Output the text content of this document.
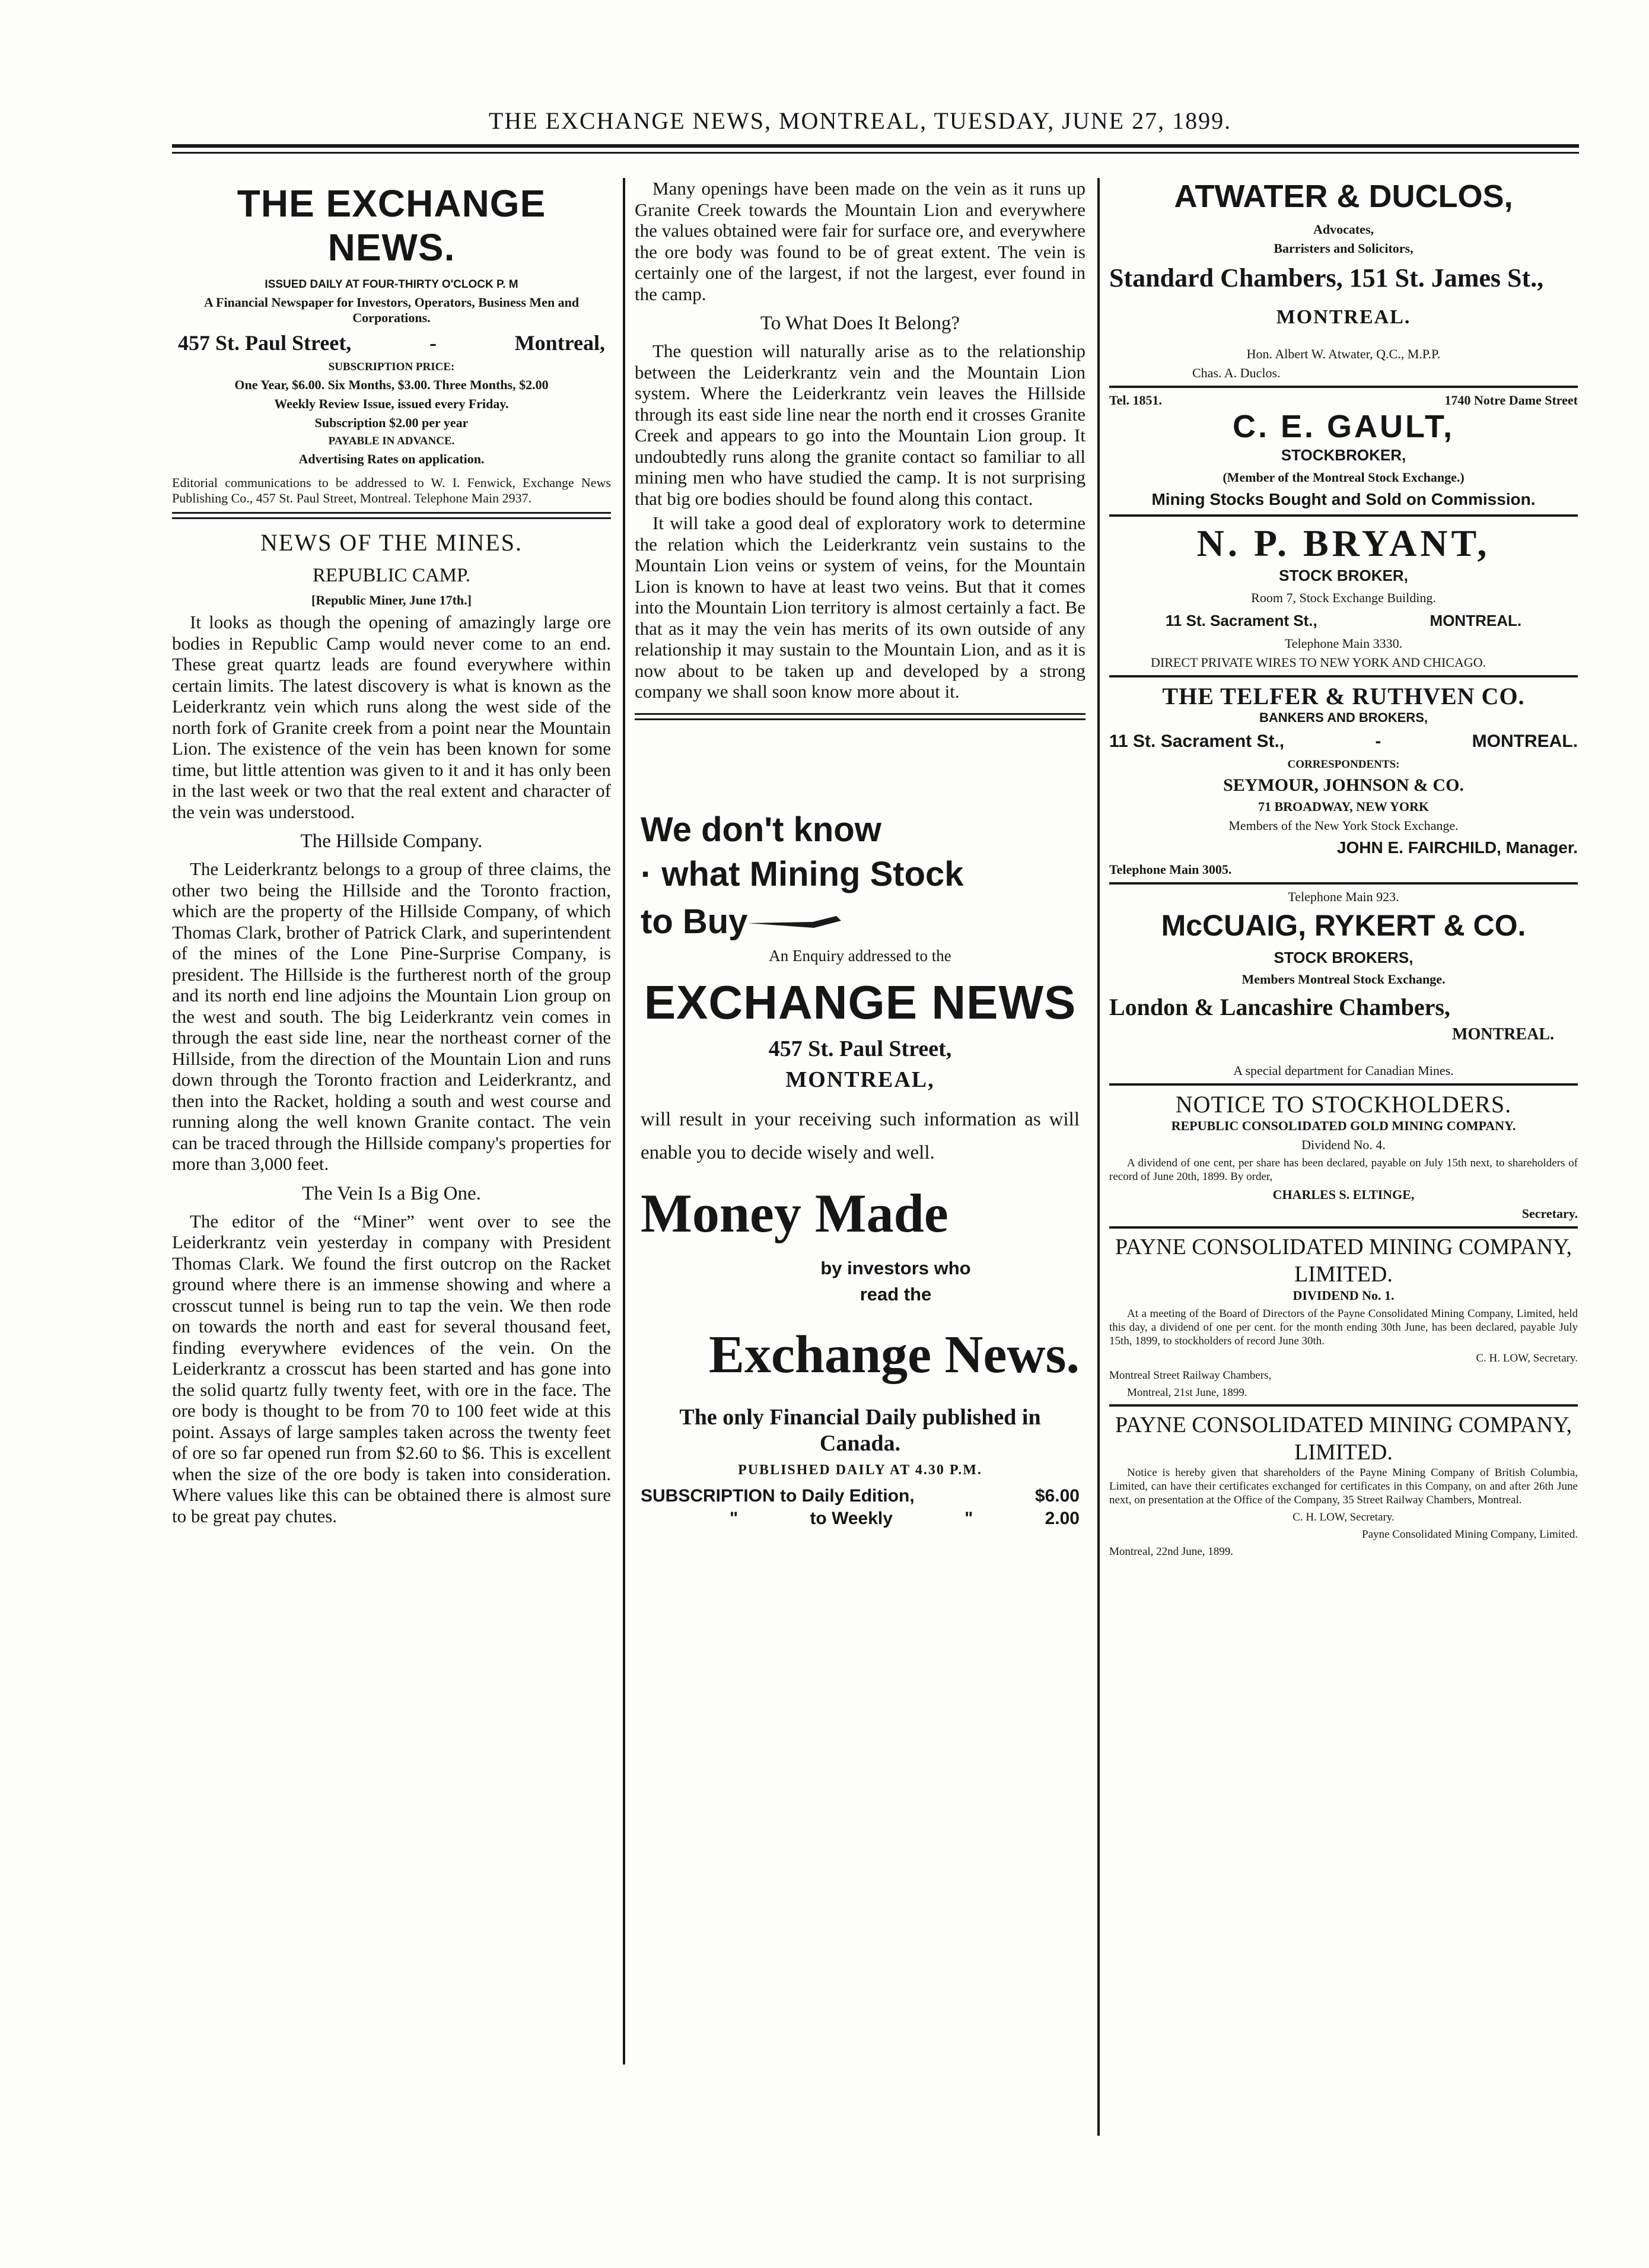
THE EXCHANGE NEWS, MONTREAL, TUESDAY, JUNE 27, 1899.
THE EXCHANGE NEWS.

ISSUED DAILY AT FOUR-THIRTY O'CLOCK P. M

A Financial Newspaper for Investors, Operators, Business Men and Corporations.

457 St. Paul Street,	-	Montreal,

SUBSCRIPTION PRICE:

One Year, $6.00. Six Months, $3.00. Three Months, $2.00

Weekly Review Issue, issued every Friday.

Subscription $2.00 per year

PAYABLE IN ADVANCE.

Advertising Rates on application.

Editorial communications to be addressed to W. I. Fenwick, Exchange News Publishing Co., 457 St. Paul Street, Montreal. Telephone Main 2937.

NEWS OF THE MINES.
REPUBLIC CAMP.

[Republic Miner, June 17th.]

It looks as though the opening of amazingly large ore bodies in Republic Camp would never come to an end. These great quartz leads are found everywhere within certain limits. The latest discovery is what is known as the Leiderkrantz vein which runs along the west side of the north fork of Granite creek from a point near the Mountain Lion. The existence of the vein has been known for some time, but little attention was given to it and it has only been in the last week or two that the real extent and character of the vein was understood.

The Hillside Company.

The Leiderkrantz belongs to a group of three claims, the other two being the Hillside and the Toronto fraction, which are the property of the Hillside Company, of which Thomas Clark, brother of Patrick Clark, and superintendent of the mines of the Lone Pine-Surprise Company, is president. The Hillside is the furtherest north of the group and its north end line adjoins the Mountain Lion group on the west and south. The big Leiderkrantz vein comes in through the east side line, near the northeast corner of the Hillside, from the direction of the Mountain Lion and runs down through the Toronto fraction and Leiderkrantz, and then into the Racket, holding a south and west course and running along the well known Granite contact. The vein can be traced through the Hillside company's properties for more than 3,000 feet.

The Vein Is a Big One.

The editor of the “Miner” went over to see the Leiderkrantz vein yesterday in company with President Thomas Clark. We found the first outcrop on the Racket ground where there is an immense showing and where a crosscut tunnel is being run to tap the vein. We then rode on towards the north and east for several thousand feet, finding everywhere evidences of the vein. On the Leiderkrantz a crosscut has been started and has gone into the solid quartz fully twenty feet, with ore in the face. The ore body is thought to be from 70 to 100 feet wide at this point. Assays of large samples taken across the twenty feet of ore so far opened run from $2.60 to $6. This is excellent when the size of the ore body is taken into consideration. Where values like this can be obtained there is almost sure to be great pay chutes.

Many openings have been made on the vein as it runs up Granite Creek towards the Mountain Lion and everywhere the values obtained were fair for surface ore, and everywhere the ore body was found to be of great extent. The vein is certainly one of the largest, if not the largest, ever found in the camp.

To What Does It Belong?

The question will naturally arise as to the relationship between the Leiderkrantz vein and the Mountain Lion system. Where the Leiderkrantz vein leaves the Hillside through its east side line near the north end it crosses Granite Creek and appears to go into the Mountain Lion group. It undoubtedly runs along the granite contact so familiar to all mining men who have studied the camp. It is not surprising that big ore bodies should be found along this contact.

It will take a good deal of exploratory work to determine the relation which the Leiderkrantz vein sustains to the Mountain Lion veins or system of veins, for the Mountain Lion is known to have at least two veins. But that it comes into the Mountain Lion territory is almost certainly a fact. Be that as it may the vein has merits of its own outside of any relationship it may sustain to the Mountain Lion, and as it is now about to be taken up and developed by a strong company we shall soon know more about it.

We don't know
· what Mining Stock
to Buy

An Enquiry addressed to the

EXCHANGE NEWS

457 St. Paul Street,

MONTREAL,

will result in your receiving such information as will enable you to decide wisely and well.

Money Made

by investors who

read the

Exchange News.

The only Financial Daily published in Canada.

PUBLISHED DAILY AT 4.30 P.M.

SUBSCRIPTION to Daily Edition,	$6.00
"	to Weekly	"	2.00
ATWATER & DUCLOS,

Advocates,

Barristers and Solicitors,

Standard Chambers, 151 St. James St.,
MONTREAL.

Hon. Albert W. Atwater, Q.C., M.P.P.

Chas. A. Duclos.

Tel. 1851.	1740 Notre Dame Street
C. E. GAULT,

STOCKBROKER,

(Member of the Montreal Stock Exchange.)

Mining Stocks Bought and Sold on Commission.

N. P. BRYANT,

STOCK BROKER,

Room 7, Stock Exchange Building.

11 St. Sacrament St.,	MONTREAL.

Telephone Main 3330.

DIRECT PRIVATE WIRES TO NEW YORK AND CHICAGO.

THE TELFER & RUTHVEN CO.

BANKERS AND BROKERS,

11 St. Sacrament St.,	-	MONTREAL.

CORRESPONDENTS:

SEYMOUR, JOHNSON & CO.

71 BROADWAY, NEW YORK

Members of the New York Stock Exchange.

JOHN E. FAIRCHILD, Manager.

Telephone Main 3005.

Telephone Main 923.

McCUAIG, RYKERT & CO.

STOCK BROKERS,

Members Montreal Stock Exchange.

London & Lancashire Chambers,

MONTREAL.

A special department for Canadian Mines.

NOTICE TO STOCKHOLDERS.

REPUBLIC CONSOLIDATED GOLD MINING COMPANY.

Dividend No. 4.

A dividend of one cent, per share has been declared, payable on July 15th next, to shareholders of record of June 20th, 1899. By order,

CHARLES S. ELTINGE,

Secretary.

PAYNE CONSOLIDATED MINING COMPANY, LIMITED.

DIVIDEND No. 1.

At a meeting of the Board of Directors of the Payne Consolidated Mining Company, Limited, held this day, a dividend of one per cent. for the month ending 30th June, has been declared, payable July 15th, 1899, to stockholders of record June 30th.

C. H. LOW, Secretary.

Montreal Street Railway Chambers,

Montreal, 21st June, 1899.

PAYNE CONSOLIDATED MINING COMPANY, LIMITED.

Notice is hereby given that shareholders of the Payne Mining Company of British Columbia, Limited, can have their certificates exchanged for certificates in this Company, on and after 26th June next, on presentation at the Office of the Company, 35 Street Railway Chambers, Montreal.

C. H. LOW, Secretary.

Payne Consolidated Mining Company, Limited.

Montreal, 22nd June, 1899.
